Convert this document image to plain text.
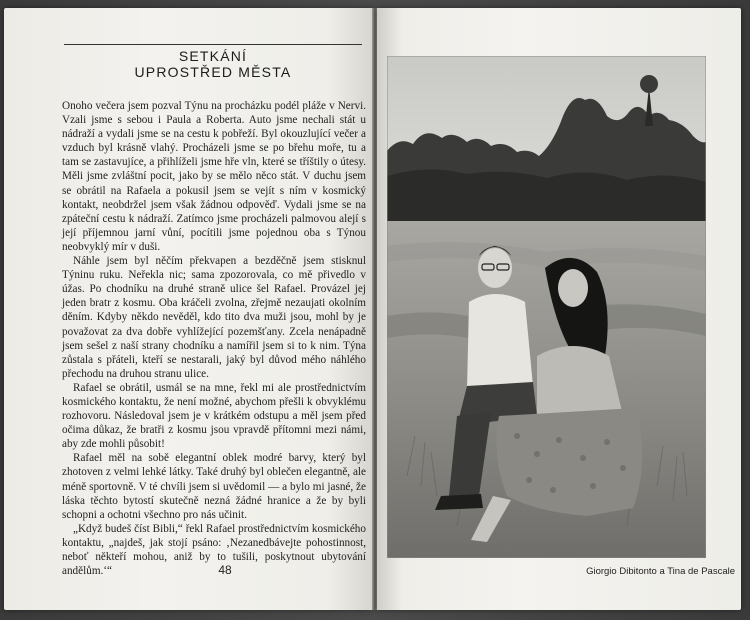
SETKÁNÍ
UPROSTŘED MĚSTA

Onoho večera jsem pozval Týnu na procházku podél pláže v Nervi. Vzali jsme s sebou i Paula a Roberta. Auto jsme nechali stát u nádraží a vydali jsme se na cestu k pobřeží. Byl okouzlující večer a vzduch byl krásně vlahý. Procházeli jsme se po břehu moře, tu a tam se zastavujíce, a přihlíželi jsme hře vln, které se tříštily o útesy. Měli jsme zvláštní pocit, jako by se mělo něco stát. V duchu jsem se obrátil na Rafaela a pokusil jsem se vejít s ním v kosmický kontakt, neobdržel jsem však žádnou odpověď. Vydali jsme se na zpáteční cestu k nádraží. Zatímco jsme procházeli palmovou alejí s její příjemnou jarní vůní, pocítili jsme pojednou oba s Týnou neobvyklý mír v duši.

Náhle jsem byl něčím překvapen a bezděčně jsem stisknul Týninu ruku. Neřekla nic; sama zpozorovala, co mě přivedlo v úžas. Po chodníku na druhé straně ulice šel Rafael. Provázel jej jeden bratr z kosmu. Oba kráčeli zvolna, zřejmě nezaujati okolním děním. Kdyby někdo nevěděl, kdo tito dva muži jsou, mohl by je považovat za dva dobře vyhlížející pozemšťany. Zcela nenápadně jsem sešel z naší strany chodníku a namířil jsem si to k nim. Týna zůstala s přáteli, kteří se nestarali, jaký byl důvod mého náhlého přechodu na druhou stranu ulice.

Rafael se obrátil, usmál se na mne, řekl mi ale prostřednictvím kosmického kontaktu, že není možné, abychom přešli k obvyklému rozhovoru. Následoval jsem je v krátkém odstupu a měl jsem před očima důkaz, že bratři z kosmu jsou vpravdě přítomni mezi námi, aby zde mohli působit!

Rafael měl na sobě elegantní oblek modré barvy, který byl zhotoven z velmi lehké látky. Také druhý byl oblečen elegantně, ale méně sportovně. V té chvíli jsem si uvědomil — a bylo mi jasné, že láska těchto bytostí skutečně nezná žádné hranice a že by byli schopni a ochotni všechno pro nás učinit.

„Když budeš číst Bibli,“ řekl Rafael prostřednictvím kosmického kontaktu, „najdeš, jak stojí psáno: ‚Nezanedbávejte pohostinnost, neboť někteří mohou, aniž by to tušili, poskytnout ubytování andělům.‘“	48	Giorgio Dibitonto a Tina de Pascale
